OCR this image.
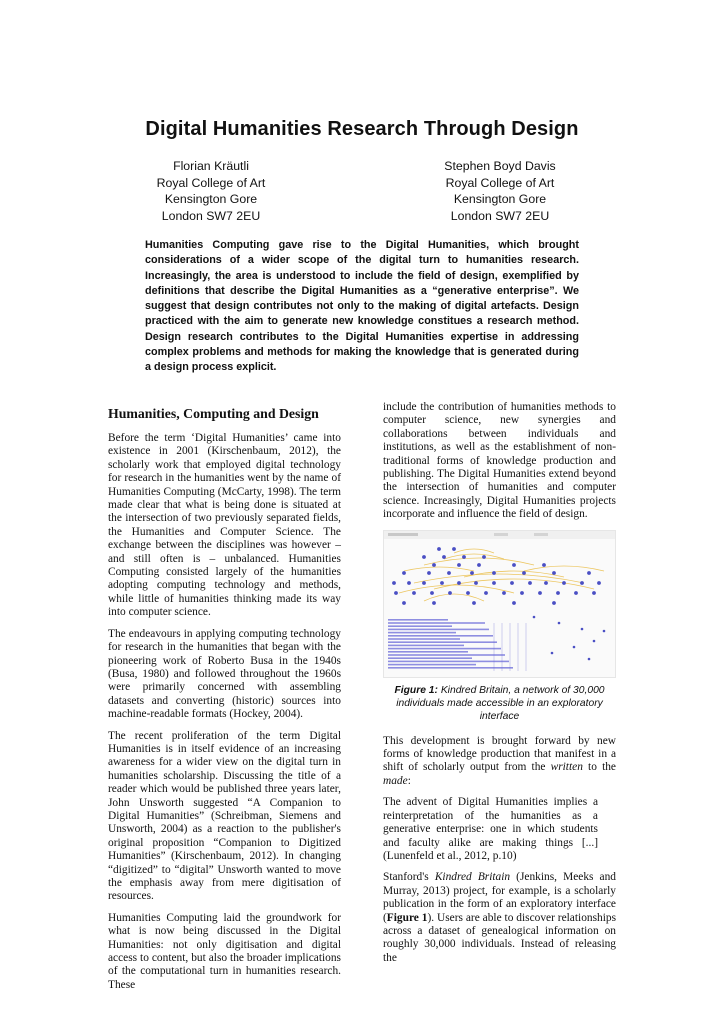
Digital Humanities Research Through Design
Florian Kräutli
Royal College of Art
Kensington Gore
London SW7 2EU
Stephen Boyd Davis
Royal College of Art
Kensington Gore
London SW7 2EU

Humanities Computing gave rise to the Digital Humanities, which brought considerations of a wider scope of the digital turn to humanities research. Increasingly, the area is understood to include the field of design, exemplified by definitions that describe the Digital Humanities as a “generative enterprise”. We suggest that design contributes not only to the making of digital artefacts. Design practiced with the aim to generate new knowledge constitues a research method. Design research contributes to the Digital Humanities expertise in addressing complex problems and methods for making the knowledge that is generated during a design process explicit.

Humanities, Computing and Design

Before the term ‘Digital Humanities’ came into existence in 2001 (Kirschenbaum, 2012), the scholarly work that employed digital technology for research in the humanities went by the name of Humanities Computing (McCarty, 1998). The term made clear that what is being done is situated at the intersection of two previously separated fields, the Humanities and Computer Science. The exchange between the disciplines was however – and still often is – unbalanced. Humanities Computing consisted largely of the humanities adopting computing technology and methods, while little of humanities thinking made its way into computer science.

The endeavours in applying computing technology for research in the humanities that began with the pioneering work of Roberto Busa in the 1940s (Busa, 1980) and followed throughout the 1960s were primarily concerned with assembling datasets and converting (historic) sources into machine-readable formats (Hockey, 2004).

The recent proliferation of the term Digital Humanities is in itself evidence of an increasing awareness for a wider view on the digital turn in humanities scholarship. Discussing the title of a reader which would be published three years later, John Unsworth suggested “A Companion to Digital Humanities” (Schreibman, Siemens and Unsworth, 2004) as a reaction to the publisher's original proposition “Companion to Digitized Humanities” (Kirschenbaum, 2012). In changing “digitized” to “digital” Unsworth wanted to move the emphasis away from mere digitisation of resources.

Humanities Computing laid the groundwork for what is now being discussed in the Digital Humanities: not only digitisation and digital access to content, but also the broader implications of the computational turn in humanities research. These

include the contribution of humanities methods to computer science, new synergies and collaborations between individuals and institutions, as well as the establishment of non-traditional forms of knowledge production and publishing. The Digital Humanities extend beyond the intersection of humanities and computer science. Increasingly, Digital Humanities projects incorporate and influence the field of design.

Figure 1: Kindred Britain, a network of 30,000 individuals made accessible in an exploratory interface

This development is brought forward by new forms of knowledge production that manifest in a shift of scholarly output from the written to the made:

The advent of Digital Humanities implies a reinterpretation of the humanities as a generative enterprise: one in which students and faculty alike are making things [...] (Lunenfeld et al., 2012, p.10)

Stanford's Kindred Britain (Jenkins, Meeks and Murray, 2013) project, for example, is a scholarly publication in the form of an exploratory interface (Figure 1). Users are able to discover relationships across a dataset of genealogical information on roughly 30,000 individuals. Instead of releasing the
